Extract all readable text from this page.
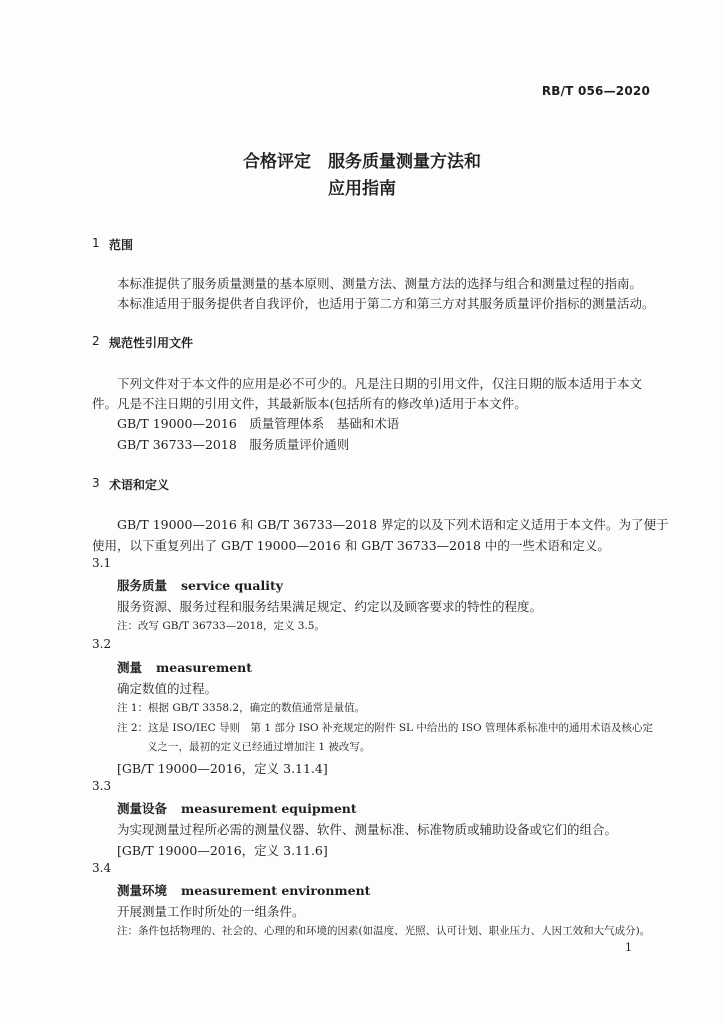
RB/T 056—2020
合格评定　服务质量测量方法和
应用指南
1 范围
本标准提供了服务质量测量的基本原则、测量方法、测量方法的选择与组合和测量过程的指南。
本标准适用于服务提供者自我评价，也适用于第二方和第三方对其服务质量评价指标的测量活动。
2 规范性引用文件
下列文件对于本文件的应用是必不可少的。凡是注日期的引用文件，仅注日期的版本适用于本文
件。凡是不注日期的引用文件，其最新版本(包括所有的修改单)适用于本文件。
GB/T 19000—2016　质量管理体系　基础和术语
GB/T 36733—2018　服务质量评价通则
3 术语和定义
GB/T 19000—2016 和 GB/T 36733—2018 界定的以及下列术语和定义适用于本文件。为了便于
使用，以下重复列出了 GB/T 19000—2016 和 GB/T 36733—2018 中的一些术语和定义。
3.1
服务质量 service quality
服务资源、服务过程和服务结果满足规定、约定以及顾客要求的特性的程度。
注：改写 GB/T 36733—2018，定义 3.5。
3.2
测量 measurement
确定数值的过程。
注 1：根据 GB/T 3358.2，确定的数值通常是量值。
注 2：这是 ISO/IEC 导则　第 1 部分 ISO 补充规定的附件 SL 中给出的 ISO 管理体系标准中的通用术语及核心定
义之一，最初的定义已经通过增加注 1 被改写。
[GB/T 19000—2016，定义 3.11.4]
3.3
测量设备 measurement equipment
为实现测量过程所必需的测量仪器、软件、测量标准、标准物质或辅助设备或它们的组合。
[GB/T 19000—2016，定义 3.11.6]
3.4
测量环境 measurement environment
开展测量工作时所处的一组条件。
注：条件包括物理的、社会的、心理的和环境的因素(如温度、光照、认可计划、职业压力、人因工效和大气成分)。
1
